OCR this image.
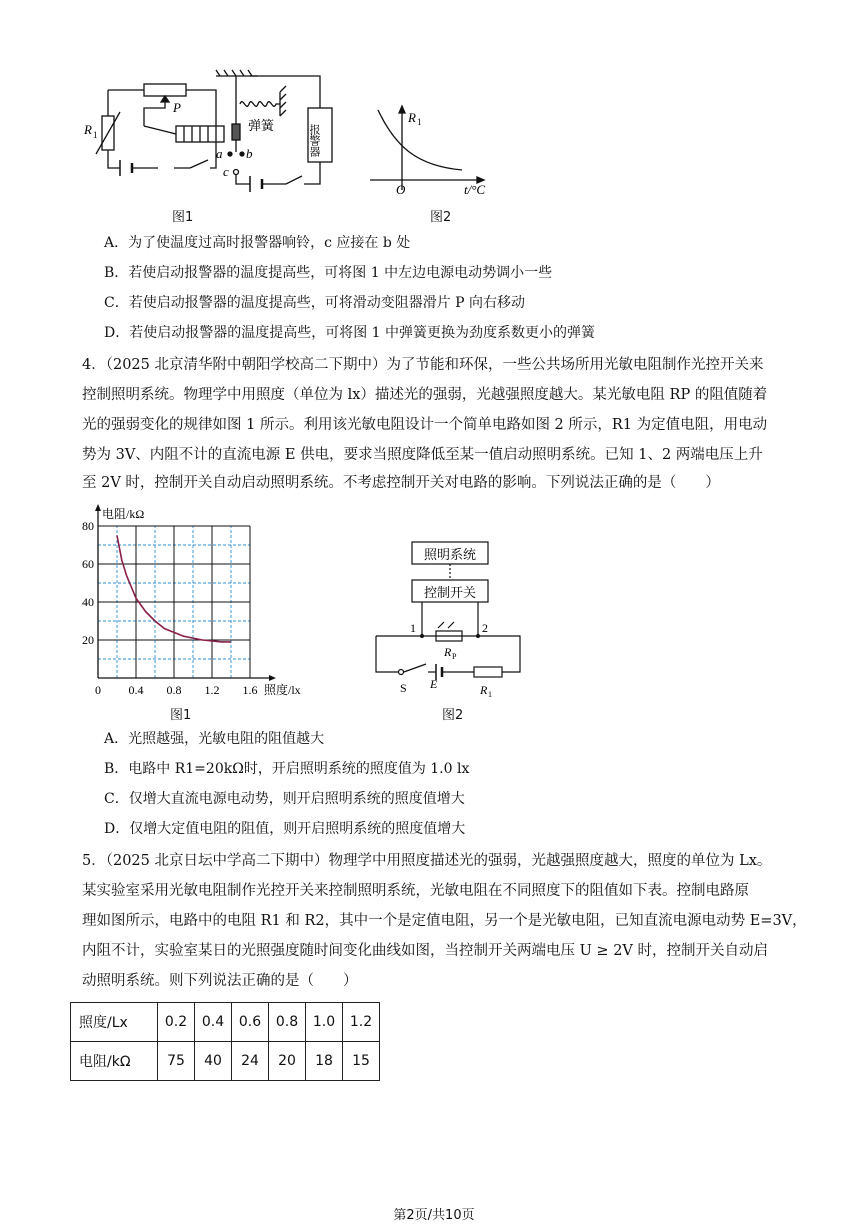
R 1
P
弹簧
a b
c
报警器
图1
R 1
O	t/°C
图2
A．为了使温度过高时报警器响铃，c 应接在 b 处
B．若使启动报警器的温度提高些，可将图 1 中左边电源电动势调小一些
C．若使启动报警器的温度提高些，可将滑动变阻器滑片 P 向右移动
D．若使启动报警器的温度提高些，可将图 1 中弹簧更换为劲度系数更小的弹簧
4．（2025 北京清华附中朝阳学校高二下期中）为了节能和环保，一些公共场所用光敏电阻制作光控开关来
控制照明系统。物理学中用照度（单位为 lx）描述光的强弱，光越强照度越大。某光敏电阻 RP 的阻值随着
光的强弱变化的规律如图 1 所示。利用该光敏电阻设计一个简单电路如图 2 所示，R1 为定值电阻，用电动
势为 3V、内阻不计的直流电源 E 供电，要求当照度降低至某一值启动照明系统。已知 1、2 两端电压上升
至 2V 时，控制开关自动启动照明系统。不考虑控制开关对电路的影响。下列说法正确的是（　　）
0 0.4 0.8 1.2 1.6
20
40
60
80
电阻/kΩ
照度/lx
图1
照明系统
控制开关
1	2
R P
S E	R 1
图2
A．光照越强，光敏电阻的阻值越大
B．电路中 R1=20kΩ时，开启照明系统的照度值为 1.0 lx
C．仅增大直流电源电动势，则开启照明系统的照度值增大
D．仅增大定值电阻的阻值，则开启照明系统的照度值增大
5．（2025 北京日坛中学高二下期中）物理学中用照度描述光的强弱，光越强照度越大，照度的单位为 Lx。
某实验室采用光敏电阻制作光控开关来控制照明系统，光敏电阻在不同照度下的阻值如下表。控制电路原
理如图所示，电路中的电阻 R1 和 R2，其中一个是定值电阻，另一个是光敏电阻，已知直流电源电动势 E=3V，
内阻不计，实验室某日的光照强度随时间变化曲线如图，当控制开关两端电压 U ≥ 2V 时，控制开关自动启
动照明系统。则下列说法正确的是（　　）
照度/Lx	0.2	0.4	0.6	0.8	1.0	1.2
电阻/kΩ	75	40	24	20	18	15
第2页/共10页
